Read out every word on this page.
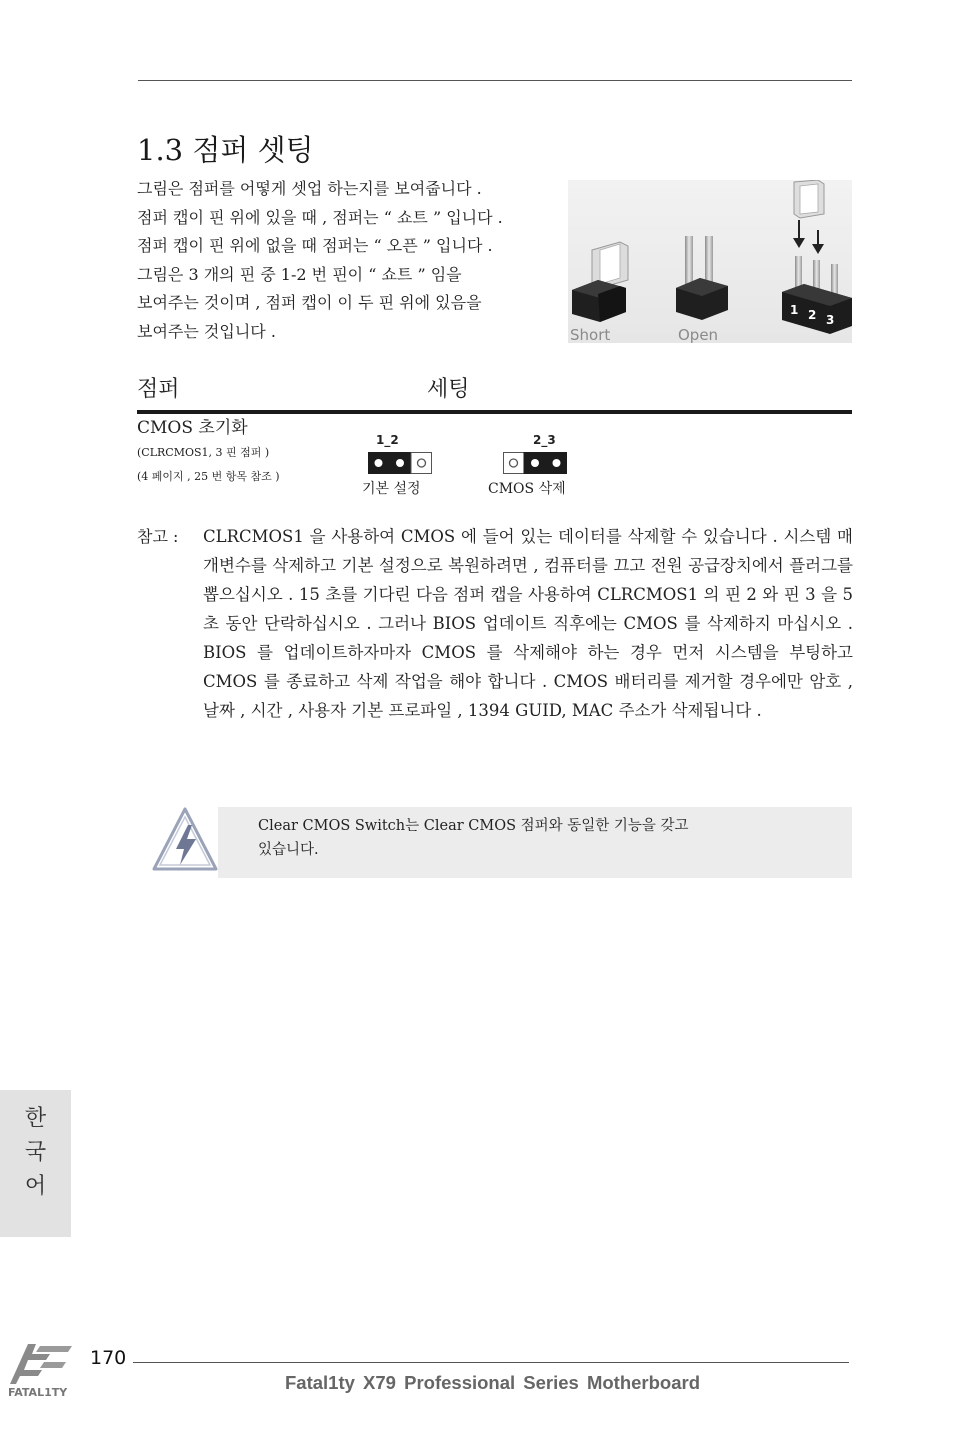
1.3 점퍼 셋팅

그림은 점퍼를 어떻게 셋업 하는지를 보여줍니다 .
점퍼 캡이 핀 위에 있을 때 , 점퍼는 “ 쇼트 ” 입니다 .
점퍼 캡이 핀 위에 없을 때 점퍼는 “ 오픈 ” 입니다 .
그림은 3 개의 핀 중 1-2 번 핀이 “ 쇼트 ” 임을
보여주는 것이며 , 점퍼 캡이 이 두 핀 위에 있음을
보여주는 것입니다 .

1 2 3
Short	Open
점퍼	세팅
CMOS 초기화
(CLRCMOS1, 3 핀 점퍼 )
(4 페이지 , 25 번 항목 참조 )
1_2
기본 설정
2_3
CMOS 삭제
참고 : CLRCMOS1 을 사용하여 CMOS 에 들어 있는 데이터를 삭제할 수 있습니다 . 시스템 매개변수를 삭제하고 기본 설정으로 복원하려면 , 컴퓨터를 끄고 전원 공급장치에서 플러그를 뽑으십시오 . 15 초를 기다린 다음 점퍼 캡을 사용하여 CLRCMOS1 의 핀 2 와 핀 3 을 5 초 동안 단락하십시오 . 그러나 BIOS 업데이트 직후에는 CMOS 를 삭제하지 마십시오 . BIOS 를 업데이트하자마자 CMOS 를 삭제해야 하는 경우 먼저 시스템을 부팅하고 CMOS 를 종료하고 삭제 작업을 해야 합니다 . CMOS 배터리를 제거할 경우에만 암호 , 날짜 , 시간 , 사용자 기본 프로파일 , 1394 GUID, MAC 주소가 삭제됩니다 .

Clear CMOS Switch는 Clear CMOS 점퍼와 동일한 기능을 갖고
있습니다.

한
국
어
FATAL1TY
170
Fatal1ty X79 Professional Series Motherboard
